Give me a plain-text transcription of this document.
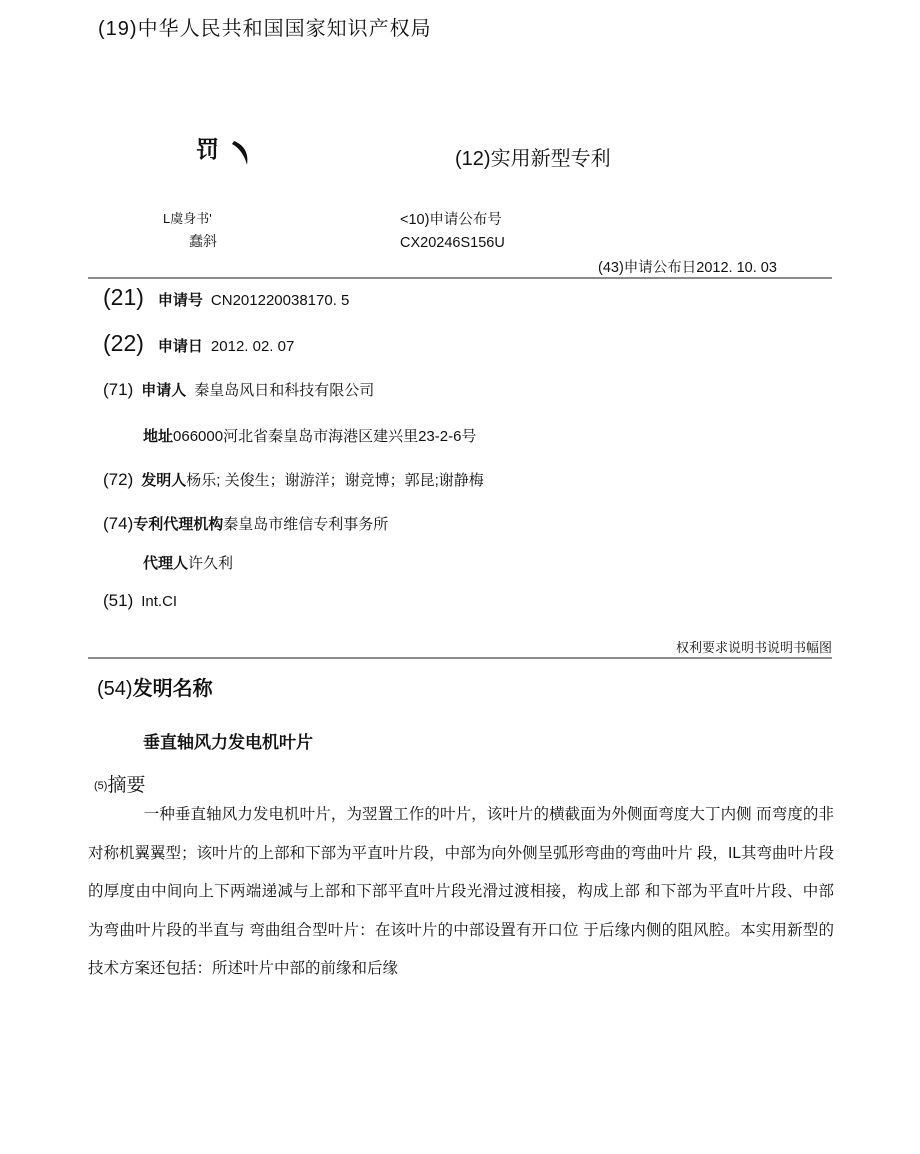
(19)中华人民共和国国家知识产权局
罚	(12)实用新型专利
L虞身书'
蠢斜
<10)申请公布号
CX20246S156U
(43)申请公布日2012. 10. 03
(21) 申请号 CN201220038170. 5
(22) 申请日 2012. 02. 07
(71) 申请人 秦皇岛风日和科技有限公司
地址066000河北省秦皇岛市海港区建兴里23-2-6号
(72) 发明人杨乐; 关俊生；谢游洋；谢竞博；郭昆;谢静梅
(74)专利代理机构秦皇岛市维信专利事务所
代理人许久利
(51) Int.CI
权利要求说明书说明书幅图
(54)发明名称
垂直轴风力发电机叶片
(5)摘要

一种垂直轴风力发电机叶片，为翌置工作的叶片，该叶片的横截面为外侧面弯度大丁内侧 而弯度的非对称机翼翼型；该叶片的上部和下部为平直叶片段，中部为向外侧呈弧形弯曲的弯曲叶片 段，IL其弯曲叶片段的厚度由中间向上下两端递减与上部和下部平直叶片段光滑过渡相接，构成上部 和下部为平直叶片段、中部为弯曲叶片段的半直与 弯曲组合型叶片：在该叶片的中部设置有开口位 于后缘内侧的阻风腔。本实用新型的技术方案还包括：所述叶片中部的前缘和后缘
